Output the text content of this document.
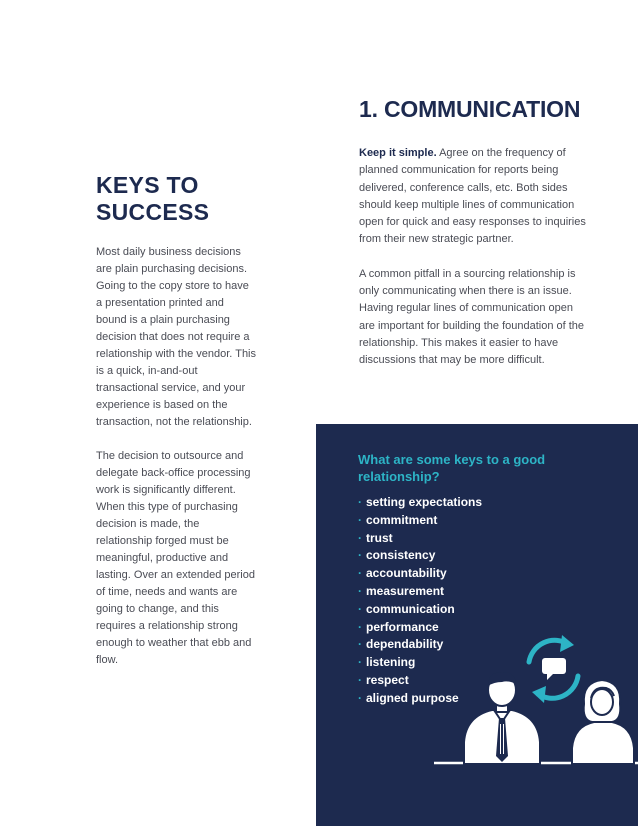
KEYS TO
SUCCESS

Most daily business decisions are plain purchasing decisions. Going to the copy store to have a presentation printed and bound is a plain purchasing decision that does not require a relationship with the vendor. This is a quick, in-and-out transactional service, and your experience is based on the transaction, not the relationship.

The decision to outsource and delegate back-office processing work is significantly different. When this type of purchasing decision is made, the relationship forged must be meaningful, productive and lasting. Over an extended period of time, needs and wants are going to change, and this requires a relationship strong enough to weather that ebb and flow.

1. COMMUNICATION

Keep it simple. Agree on the frequency of planned communication for reports being delivered, conference calls, etc. Both sides should keep multiple lines of communication open for quick and easy responses to inquiries from their new strategic partner.

A common pitfall in a sourcing relationship is only communicating when there is an issue. Having regular lines of communication open are important for building the foundation of the relationship. This makes it easier to have discussions that may be more difficult.

What are some keys to a good relationship?
· setting expectations
· commitment
· trust
· consistency
· accountability
· measurement
· communication
· performance
· dependability
· listening
· respect
· aligned purpose
